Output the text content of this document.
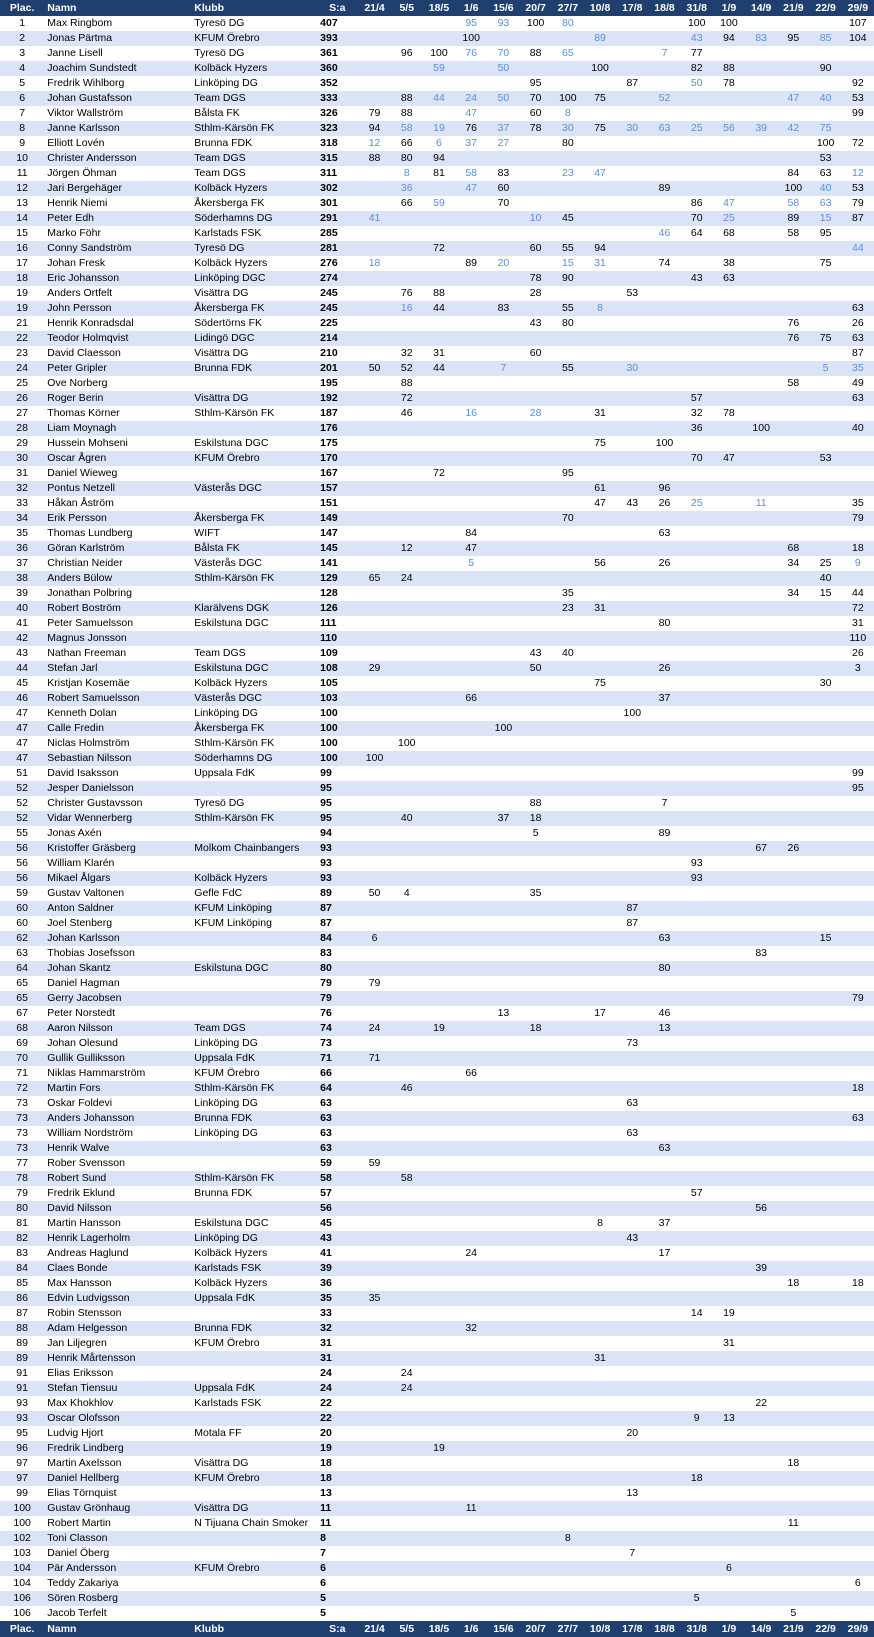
Plac.	Namn	Klubb	S:a	21/4	5/5	18/5	1/6	15/6	20/7	27/7	10/8	17/8	18/8	31/8	1/9	14/9	21/9	22/9	29/9
1	Max Ringbom	Tyresö DG	407				95	93	100	80				100	100				107
2	Jonas Pärtma	KFUM Örebro	393				100				89			43	94	83	95	85	104
3	Janne Lisell	Tyresö DG	361		96	100	76	70	88	65			7	77					
4	Joachim Sundstedt	Kolbäck Hyzers	360			59		50			100			82	88			90	
5	Fredrik Wihlborg	Linköping DG	352						95			87		50	78				92
6	Johan Gustafsson	Team DGS	333		88	44	24	50	70	100	75		52				47	40	53
7	Viktor Wallström	Bålsta FK	326	79	88		47		60	8									99
8	Janne Karlsson	Sthlm-Kärsön FK	323	94	58	19	76	37	78	30	75	30	63	25	56	39	42	75	
9	Elliott Lovén	Brunna FDK	318	12	66	6	37	27		80								100	72
10	Christer Andersson	Team DGS	315	88	80	94												53	
11	Jörgen Öhman	Team DGS	311		8	81	58	83		23	47						84	63	12
12	Jari Bergehäger	Kolbäck Hyzers	302		36		47	60					89				100	40	53
13	Henrik Niemi	Åkersberga FK	301		66	59		70						86	47		58	63	79
14	Peter Edh	Söderhamns DG	291	41					10	45				70	25		89	15	87
15	Marko Föhr	Karlstads FSK	285										46	64	68		58	95	
16	Conny Sandström	Tyresö DG	281			72			60	55	94								44
17	Johan Fresk	Kolbäck Hyzers	276	18			89	20		15	31		74		38			75	
18	Eric Johansson	Linköping DGC	274						78	90				43	63				
19	Anders Ortfelt	Visättra DG	245		76	88			28			53							
19	John Persson	Åkersberga FK	245		16	44		83		55	8								63
21	Henrik Konradsdal	Södertörns FK	225						43	80							76		26
22	Teodor Holmqvist	Lidingö DGC	214														76	75	63
23	David Claesson	Visättra DG	210		32	31			60										87
24	Peter Gripler	Brunna FDK	201	50	52	44		7		55		30						5	35
25	Ove Norberg		195		88												58		49
26	Roger Berin	Visättra DG	192		72									57					63
27	Thomas Körner	Sthlm-Kärsön FK	187		46		16		28		31			32	78				
28	Liam Moynagh		176											36		100			40
29	Hussein Mohseni	Eskilstuna DGC	175								75		100						
30	Oscar Ågren	KFUM Örebro	170											70	47			53	
31	Daniel Wieweg		167			72				95									
32	Pontus Netzell	Västerås DGC	157								61		96						
33	Håkan Åström		151								47	43	26	25		11			35
34	Erik Persson	Åkersberga FK	149							70									79
35	Thomas Lundberg	WIFT	147				84						63						
36	Göran Karlström	Bålsta FK	145		12		47										68		18
37	Christian Neider	Västerås DGC	141				5				56		26				34	25	9
38	Anders Bülow	Sthlm-Kärsön FK	129	65	24													40	
39	Jonathan Polbring		128							35							34	15	44
40	Robert Boström	Klarälvens DGK	126							23	31								72
41	Peter Samuelsson	Eskilstuna DGC	111										80						31
42	Magnus Jonsson		110																110
43	Nathan Freeman	Team DGS	109						43	40									26
44	Stefan Jarl	Eskilstuna DGC	108	29					50				26						3
45	Kristjan Kosemäe	Kolbäck Hyzers	105								75							30	
46	Robert Samuelsson	Västerås DGC	103				66						37						
47	Kenneth Dolan	Linköping DG	100									100							
47	Calle Fredin	Åkersberga FK	100					100											
47	Niclas Holmström	Sthlm-Kärsön FK	100		100														
47	Sebastian Nilsson	Söderhamns DG	100	100															
51	David Isaksson	Uppsala FdK	99																99
52	Jesper Danielsson		95																95
52	Christer Gustavsson	Tyresö DG	95						88				7						
52	Vidar Wennerberg	Sthlm-Kärsön FK	95		40			37	18										
55	Jonas Axén		94						5				89						
56	Kristoffer Gräsberg	Molkom Chainbangers	93													67	26		
56	William Klarén		93											93					
56	Mikael Ålgars	Kolbäck Hyzers	93											93					
59	Gustav Valtonen	Gefle FdC	89	50	4				35										
60	Anton Saldner	KFUM Linköping	87									87							
60	Joel Stenberg	KFUM Linköping	87									87							
62	Johan Karlsson		84	6									63					15	
63	Thobias Josefsson		83													83			
64	Johan Skantz	Eskilstuna DGC	80										80						
65	Daniel Hagman		79	79															
65	Gerry Jacobsen		79																79
67	Peter Norstedt		76					13			17		46						
68	Aaron Nilsson	Team DGS	74	24		19			18				13						
69	Johan Olesund	Linköping DG	73									73							
70	Gullik Gulliksson	Uppsala FdK	71	71															
71	Niklas Hammarström	KFUM Örebro	66				66												
72	Martin Fors	Sthlm-Kärsön FK	64		46														18
73	Oskar Foldevi	Linköping DG	63									63							
73	Anders Johansson	Brunna FDK	63																63
73	William Nordström	Linköping DG	63									63							
73	Henrik Walve		63										63						
77	Rober Svensson		59	59															
78	Robert Sund	Sthlm-Kärsön FK	58		58														
79	Fredrik Eklund	Brunna FDK	57											57					
80	David Nilsson		56													56			
81	Martin Hansson	Eskilstuna DGC	45								8		37						
82	Henrik Lagerholm	Linköping DG	43									43							
83	Andreas Haglund	Kolbäck Hyzers	41				24						17						
84	Claes Bonde	Karlstads FSK	39													39			
85	Max Hansson	Kolbäck Hyzers	36														18		18
86	Edvin Ludvigsson	Uppsala FdK	35	35															
87	Robin Stensson		33											14	19				
88	Adam Helgesson	Brunna FDK	32				32												
89	Jan Liljegren	KFUM Örebro	31												31				
89	Henrik Mårtensson		31								31								
91	Elias Eriksson		24		24														
91	Stefan Tiensuu	Uppsala FdK	24		24														
93	Max Khokhlov	Karlstads FSK	22													22			
93	Oscar Olofsson		22											9	13				
95	Ludvig Hjort	Motala FF	20									20							
96	Fredrik Lindberg		19			19													
97	Martin Axelsson	Visättra DG	18														18		
97	Daniel Hellberg	KFUM Örebro	18											18					
99	Elias Törnquist		13									13							
100	Gustav Grönhaug	Visättra DG	11				11												
100	Robert Martin	N Tijuana Chain Smoker	11														11		
102	Toni Classon		8							8									
103	Daniel Öberg		7									7							
104	Pär Andersson	KFUM Örebro	6												6				
104	Teddy Zakariya		6																6
106	Sören Rosberg		5											5					
106	Jacob Terfelt		5														5		
Plac.	Namn	Klubb	S:a	21/4	5/5	18/5	1/6	15/6	20/7	27/7	10/8	17/8	18/8	31/8	1/9	14/9	21/9	22/9	29/9
